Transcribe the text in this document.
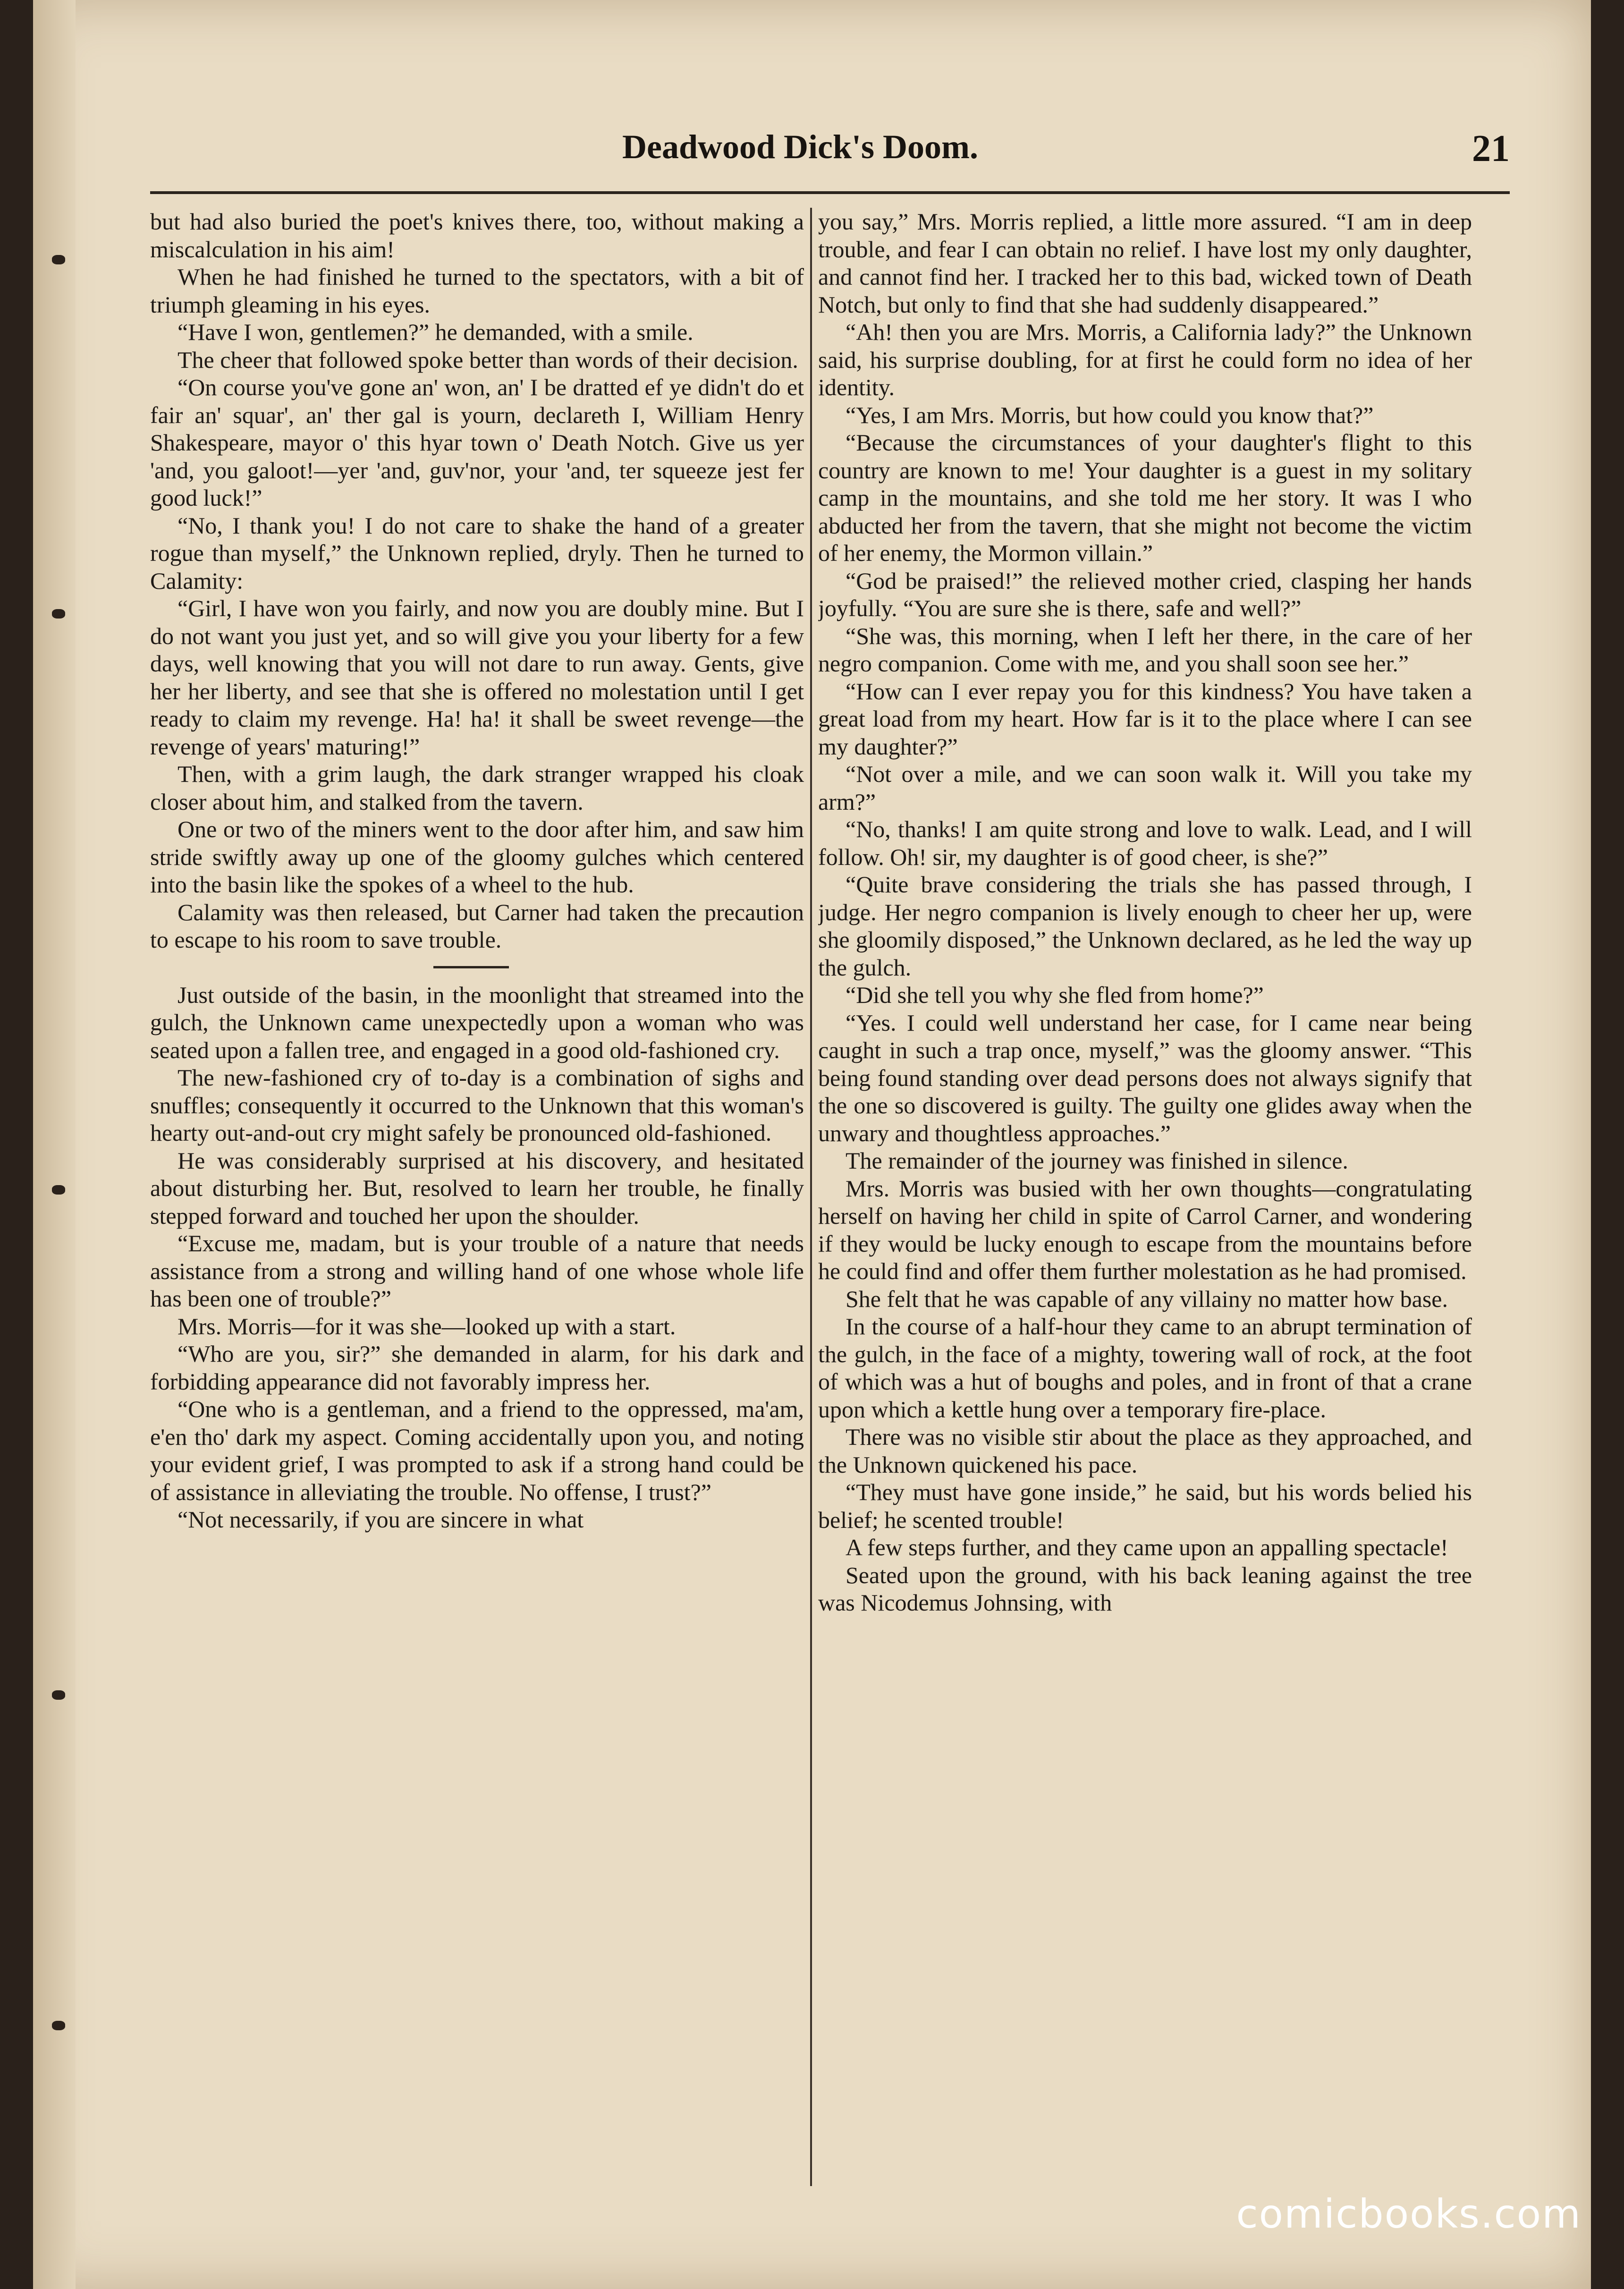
Deadwood Dick's Doom.	21

but had also buried the poet's knives there, too, without making a miscalculation in his aim!

When he had finished he turned to the spectators, with a bit of triumph gleaming in his eyes.

“Have I won, gentlemen?” he demanded, with a smile.

The cheer that followed spoke better than words of their decision.

“On course you've gone an' won, an' I be dratted ef ye didn't do et fair an' squar', an' ther gal is yourn, declareth I, William Henry Shakespeare, mayor o' this hyar town o' Death Notch. Give us yer 'and, you galoot!—yer 'and, guv'nor, your 'and, ter squeeze jest fer good luck!”

“No, I thank you! I do not care to shake the hand of a greater rogue than myself,” the Unknown replied, dryly. Then he turned to Calamity:

“Girl, I have won you fairly, and now you are doubly mine. But I do not want you just yet, and so will give you your liberty for a few days, well knowing that you will not dare to run away. Gents, give her her liberty, and see that she is offered no molestation until I get ready to claim my revenge. Ha! ha! it shall be sweet revenge—the revenge of years' maturing!”

Then, with a grim laugh, the dark stranger wrapped his cloak closer about him, and stalked from the tavern.

One or two of the miners went to the door after him, and saw him stride swiftly away up one of the gloomy gulches which centered into the basin like the spokes of a wheel to the hub.

Calamity was then released, but Carner had taken the precaution to escape to his room to save trouble.

Just outside of the basin, in the moonlight that streamed into the gulch, the Unknown came unexpectedly upon a woman who was seated upon a fallen tree, and engaged in a good old-fashioned cry.

The new-fashioned cry of to-day is a combination of sighs and snuffles; consequently it occurred to the Unknown that this woman's hearty out-and-out cry might safely be pronounced old-fashioned.

He was considerably surprised at his discovery, and hesitated about disturbing her. But, resolved to learn her trouble, he finally stepped forward and touched her upon the shoulder.

“Excuse me, madam, but is your trouble of a nature that needs assistance from a strong and willing hand of one whose whole life has been one of trouble?”

Mrs. Morris—for it was she—looked up with a start.

“Who are you, sir?” she demanded in alarm, for his dark and forbidding appearance did not favorably impress her.

“One who is a gentleman, and a friend to the oppressed, ma'am, e'en tho' dark my aspect. Coming accidentally upon you, and noting your evident grief, I was prompted to ask if a strong hand could be of assistance in alleviating the trouble. No offense, I trust?”

“Not necessarily, if you are sincere in what

you say,” Mrs. Morris replied, a little more assured. “I am in deep trouble, and fear I can obtain no relief. I have lost my only daughter, and cannot find her. I tracked her to this bad, wicked town of Death Notch, but only to find that she had suddenly disappeared.”

“Ah! then you are Mrs. Morris, a California lady?” the Unknown said, his surprise doubling, for at first he could form no idea of her identity.

“Yes, I am Mrs. Morris, but how could you know that?”

“Because the circumstances of your daughter's flight to this country are known to me! Your daughter is a guest in my solitary camp in the mountains, and she told me her story. It was I who abducted her from the tavern, that she might not become the victim of her enemy, the Mormon villain.”

“God be praised!” the relieved mother cried, clasping her hands joyfully. “You are sure she is there, safe and well?”

“She was, this morning, when I left her there, in the care of her negro companion. Come with me, and you shall soon see her.”

“How can I ever repay you for this kindness? You have taken a great load from my heart. How far is it to the place where I can see my daughter?”

“Not over a mile, and we can soon walk it. Will you take my arm?”

“No, thanks! I am quite strong and love to walk. Lead, and I will follow. Oh! sir, my daughter is of good cheer, is she?”

“Quite brave considering the trials she has passed through, I judge. Her negro companion is lively enough to cheer her up, were she gloomily disposed,” the Unknown declared, as he led the way up the gulch.

“Did she tell you why she fled from home?”

“Yes. I could well understand her case, for I came near being caught in such a trap once, myself,” was the gloomy answer. “This being found standing over dead persons does not always signify that the one so discovered is guilty. The guilty one glides away when the unwary and thoughtless approaches.”

The remainder of the journey was finished in silence.

Mrs. Morris was busied with her own thoughts—congratulating herself on having her child in spite of Carrol Carner, and wondering if they would be lucky enough to escape from the mountains before he could find and offer them further molestation as he had promised.

She felt that he was capable of any villainy no matter how base.

In the course of a half-hour they came to an abrupt termination of the gulch, in the face of a mighty, towering wall of rock, at the foot of which was a hut of boughs and poles, and in front of that a crane upon which a kettle hung over a temporary fire-place.

There was no visible stir about the place as they approached, and the Unknown quickened his pace.

“They must have gone inside,” he said, but his words belied his belief; he scented trouble!

A few steps further, and they came upon an appalling spectacle!

Seated upon the ground, with his back leaning against the tree was Nicodemus Johnsing, with

comicbooks.com
